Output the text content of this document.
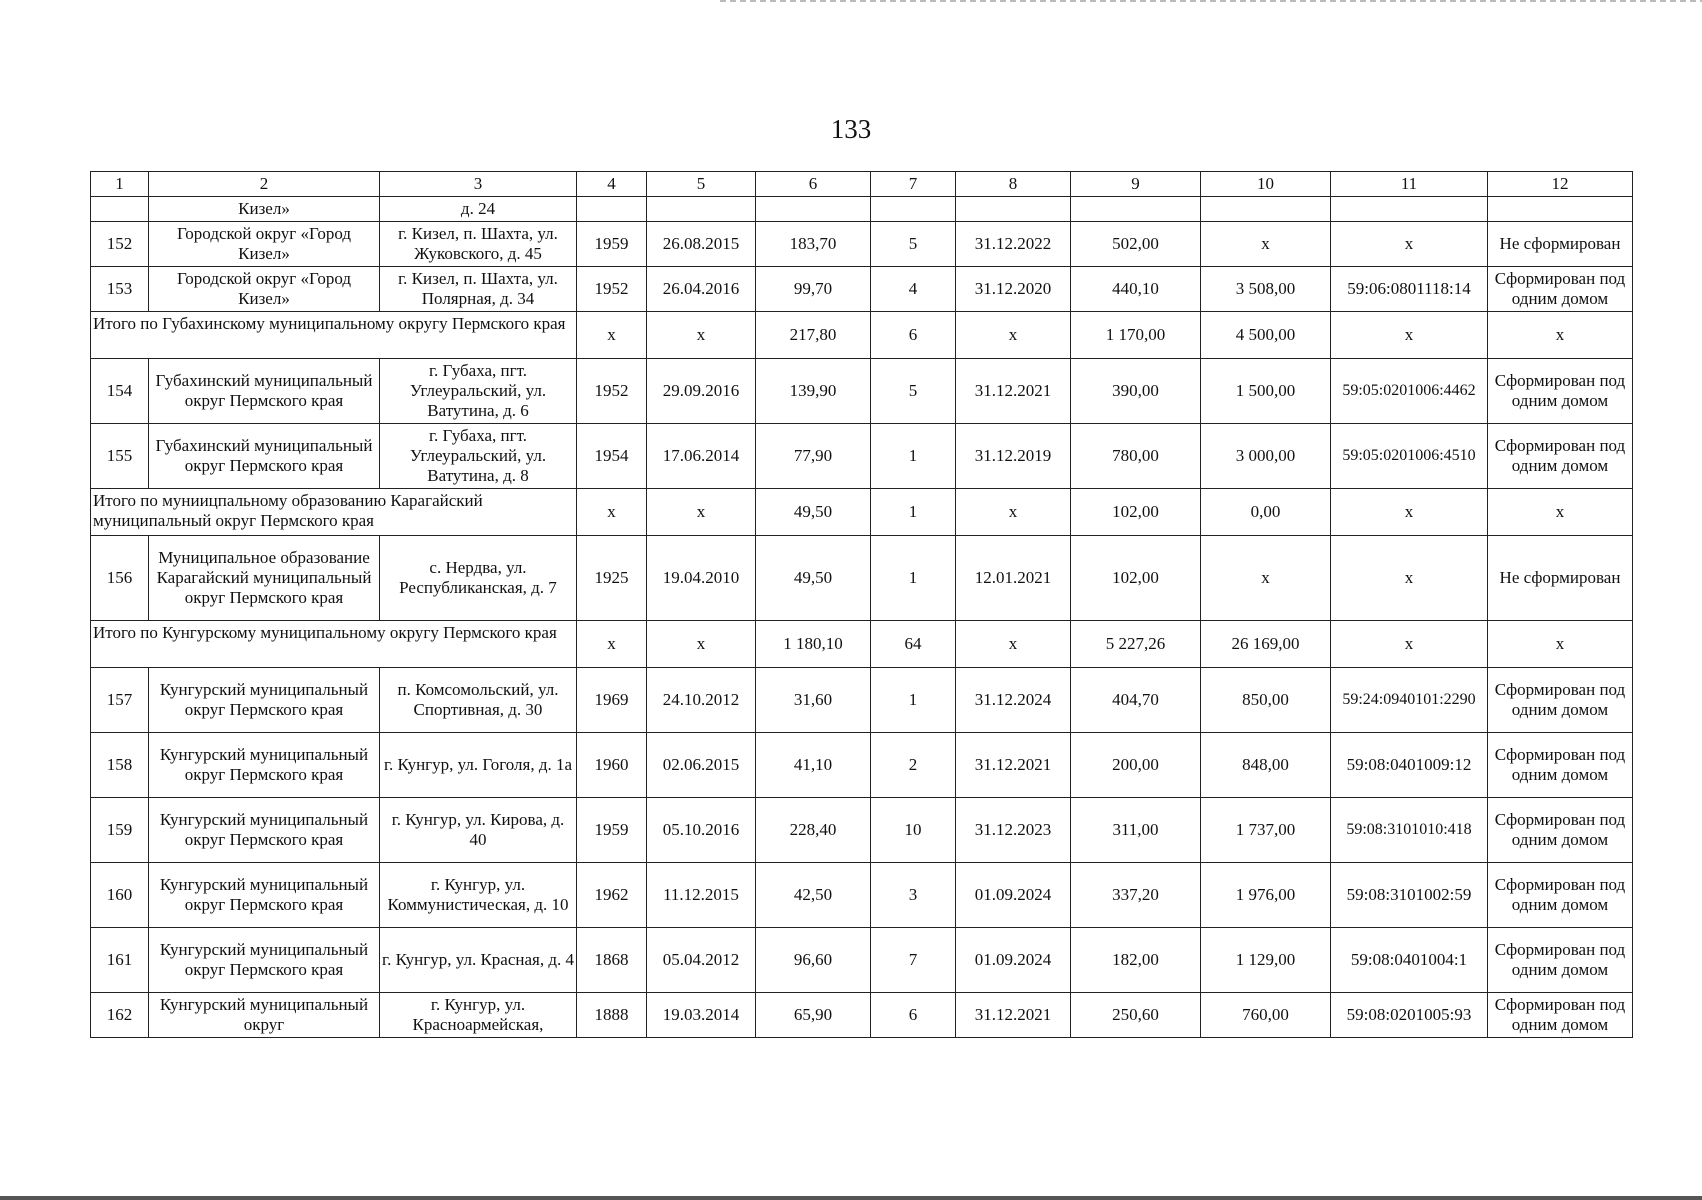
133
1	2	3	4	5	6	7	8	9	10	11	12
	Кизел»	д. 24									
152	Городской округ «Город Кизел»	г. Кизел, п. Шахта, ул. Жуковского, д. 45	1959	26.08.2015	183,70	5	31.12.2022	502,00	x	x	Не сформирован
153	Городской округ «Город Кизел»	г. Кизел, п. Шахта, ул. Полярная, д. 34	1952	26.04.2016	99,70	4	31.12.2020	440,10	3 508,00	59:06:0801118:14	Сформирован под одним домом
Итого по Губахинскому муниципальному округу Пермского края			x	x	217,80	6	x	1 170,00	4 500,00	x	x
154	Губахинский муниципальный округ Пермского края	г. Губаха, пгт. Углеуральский, ул. Ватутина, д. 6	1952	29.09.2016	139,90	5	31.12.2021	390,00	1 500,00	59:05:0201006:4462	Сформирован под одним домом
155	Губахинский муниципальный округ Пермского края	г. Губаха, пгт. Углеуральский, ул. Ватутина, д. 8	1954	17.06.2014	77,90	1	31.12.2019	780,00	3 000,00	59:05:0201006:4510	Сформирован под одним домом
Итого по муниицпальному образованию Карагайский муниципальный округ Пермского края			x	x	49,50	1	x	102,00	0,00	x	x
156	Муниципальное образование Карагайский муниципальный округ Пермского края	с. Нердва, ул. Республиканская, д. 7	1925	19.04.2010	49,50	1	12.01.2021	102,00	x	x	Не сформирован
Итого по Кунгурскому муниципальному округу Пермского края			x	x	1 180,10	64	x	5 227,26	26 169,00	x	x
157	Кунгурский муниципальный округ Пермского края	п. Комсомольский, ул. Спортивная, д. 30	1969	24.10.2012	31,60	1	31.12.2024	404,70	850,00	59:24:0940101:2290	Сформирован под одним домом
158	Кунгурский муниципальный округ Пермского края	г. Кунгур, ул. Гоголя, д. 1а	1960	02.06.2015	41,10	2	31.12.2021	200,00	848,00	59:08:0401009:12	Сформирован под одним домом
159	Кунгурский муниципальный округ Пермского края	г. Кунгур, ул. Кирова, д. 40	1959	05.10.2016	228,40	10	31.12.2023	311,00	1 737,00	59:08:3101010:418	Сформирован под одним домом
160	Кунгурский муниципальный округ Пермского края	г. Кунгур, ул. Коммунистическая, д. 10	1962	11.12.2015	42,50	3	01.09.2024	337,20	1 976,00	59:08:3101002:59	Сформирован под одним домом
161	Кунгурский муниципальный округ Пермского края	г. Кунгур, ул. Красная, д. 4	1868	05.04.2012	96,60	7	01.09.2024	182,00	1 129,00	59:08:0401004:1	Сформирован под одним домом
162	Кунгурский муниципальный округ	г. Кунгур, ул. Красноармейская,	1888	19.03.2014	65,90	6	31.12.2021	250,60	760,00	59:08:0201005:93	Сформирован под одним домом
